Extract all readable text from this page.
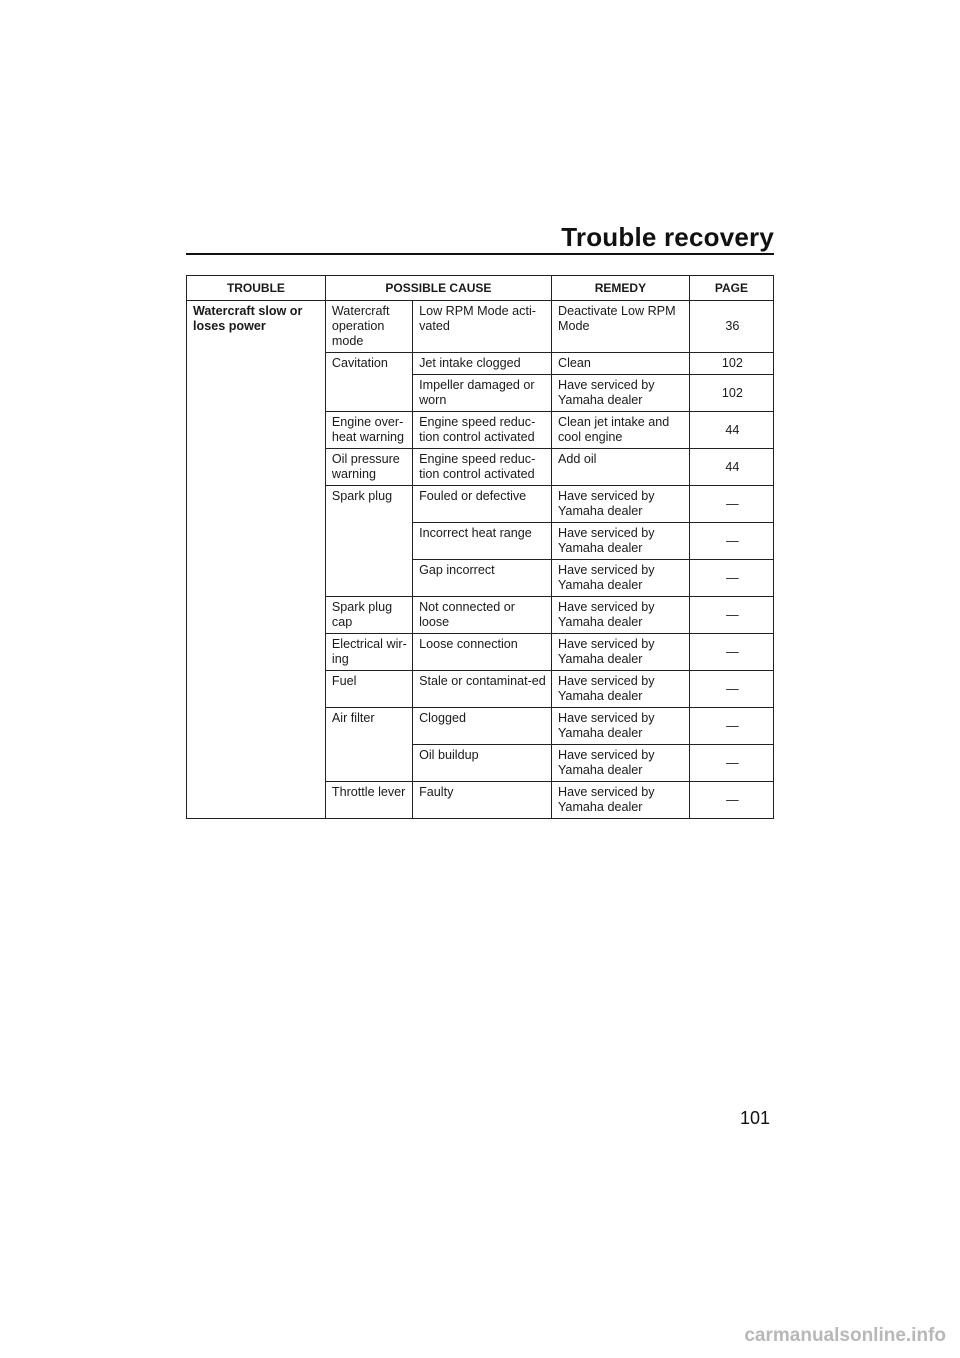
Trouble recovery
TROUBLE	POSSIBLE CAUSE		REMEDY	PAGE
Watercraft slow or loses power	Watercraft operation mode	Low RPM Mode acti-vated	Deactivate Low RPM Mode	36
	Cavitation	Jet intake clogged	Clean	102
		Impeller damaged or worn	Have serviced by Yamaha dealer	102
	Engine over-heat warning	Engine speed reduc-tion control activated	Clean jet intake and cool engine	44
	Oil pressure warning	Engine speed reduc-tion control activated	Add oil	44
	Spark plug	Fouled or defective	Have serviced by Yamaha dealer	—
		Incorrect heat range	Have serviced by Yamaha dealer	—
		Gap incorrect	Have serviced by Yamaha dealer	—
	Spark plug cap	Not connected or loose	Have serviced by Yamaha dealer	—
	Electrical wir-ing	Loose connection	Have serviced by Yamaha dealer	—
	Fuel	Stale or contaminat-ed	Have serviced by Yamaha dealer	—
	Air filter	Clogged	Have serviced by Yamaha dealer	—
		Oil buildup	Have serviced by Yamaha dealer	—
	Throttle lever	Faulty	Have serviced by Yamaha dealer	—
101
carmanualsonline.info
